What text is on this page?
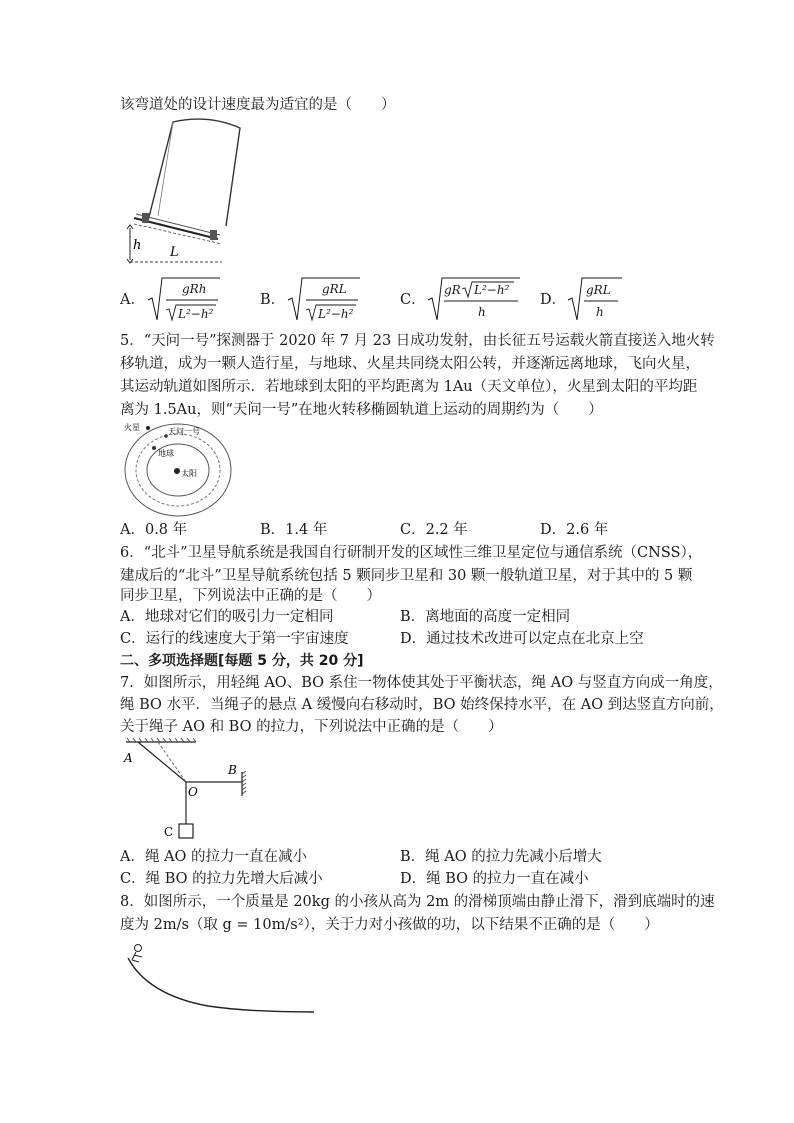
该弯道处的设计速度最为适宜的是（　　）
h L
A．
gRh
L²−h²
B．
gRL
L²−h²
C．
gR L²−h²
h
D．
gRL
h
5．“天问一号”探测器于 2020 年 7 月 23 日成功发射，由长征五号运载火箭直接送入地火转
移轨道，成为一颗人造行星，与地球、火星共同绕太阳公转，并逐渐远离地球，飞向火星，
其运动轨道如图所示．若地球到太阳的平均距离为 1Au（天文单位），火星到太阳的平均距
离为 1.5Au，则“天问一号”在地火转移椭圆轨道上运动的周期约为（　　）
火星	天问一号
地球
太阳
A．0.8 年	B．1.4 年	C．2.2 年	D．2.6 年
6．“北斗”卫星导航系统是我国自行研制开发的区域性三维卫星定位与通信系统（CNSS），
建成后的“北斗”卫星导航系统包括 5 颗同步卫星和 30 颗一般轨道卫星，对于其中的 5 颗
同步卫星，下列说法中正确的是（　　）
A．地球对它们的吸引力一定相同	B．离地面的高度一定相同
C．运行的线速度大于第一宇宙速度	D．通过技术改进可以定点在北京上空
二、多项选择题[每题 5 分，共 20 分]
7．如图所示，用轻绳 AO、BO 系住一物体使其处于平衡状态，绳 AO 与竖直方向成一角度，
绳 BO 水平．当绳子的悬点 A 缓慢向右移动时，BO 始终保持水平，在 AO 到达竖直方向前，
关于绳子 AO 和 BO 的拉力，下列说法中正确的是（　　）
A
B
O
C
A．绳 AO 的拉力一直在减小	B．绳 AO 的拉力先减小后增大
C．绳 BO 的拉力先增大后减小	D．绳 BO 的拉力一直在减小
8．如图所示，一个质量是 20kg 的小孩从高为 2m 的滑梯顶端由静止滑下，滑到底端时的速
度为 2m/s（取 g = 10m/s²），关于力对小孩做的功，以下结果不正确的是（　　）
